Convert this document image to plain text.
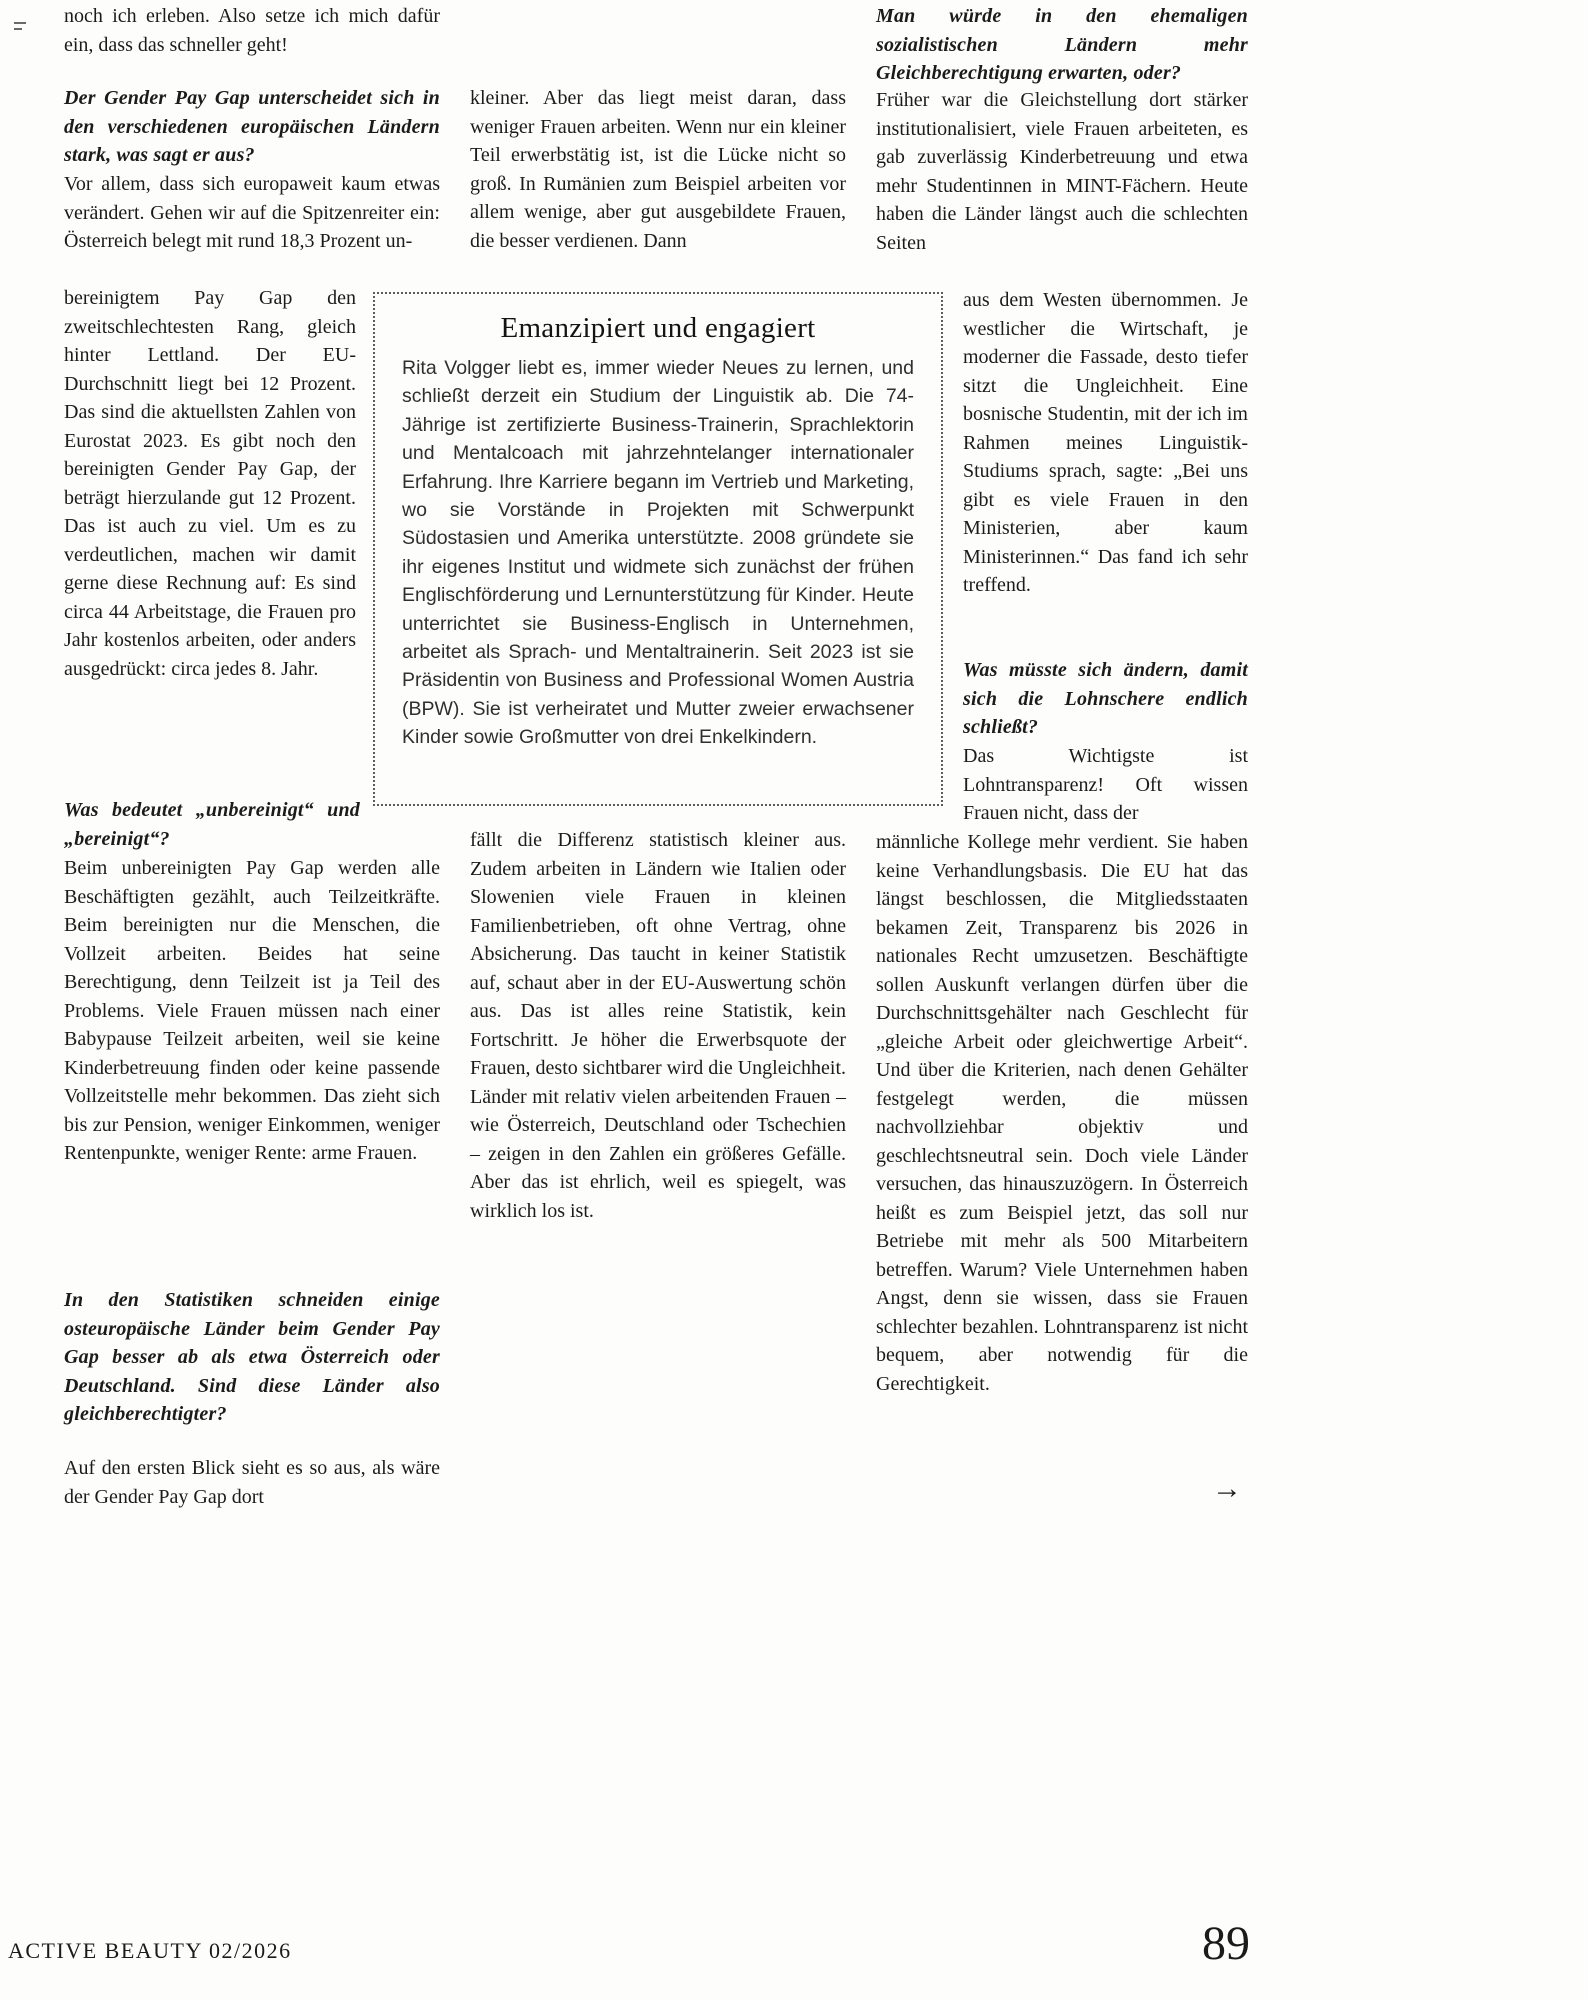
noch ich erleben. Also setze ich mich dafür ein, dass das schneller geht!

Der Gender Pay Gap unterscheidet sich in den verschiedenen europäischen Ländern stark, was sagt er aus?

Vor allem, dass sich europaweit kaum etwas verändert. Gehen wir auf die Spitzenreiter ein: Österreich belegt mit rund 18,3 Prozent un-

bereinigtem Pay Gap den zweitschlechtesten Rang, gleich hinter Lettland. Der EU-Durchschnitt liegt bei 12 Prozent. Das sind die aktuellsten Zahlen von Eurostat 2023. Es gibt noch den bereinigten Gender Pay Gap, der beträgt hierzulande gut 12 Prozent. Das ist auch zu viel. Um es zu verdeutlichen, machen wir damit gerne diese Rechnung auf: Es sind circa 44 Arbeitstage, die Frauen pro Jahr kostenlos arbeiten, oder anders ausgedrückt: circa jedes 8. Jahr.

Was bedeutet „unbereinigt“ und „bereinigt“?

Beim unbereinigten Pay Gap werden alle Beschäftigten gezählt, auch Teilzeitkräfte. Beim bereinigten nur die Menschen, die Vollzeit arbeiten. Beides hat seine Berechtigung, denn Teilzeit ist ja Teil des Problems. Viele Frauen müssen nach einer Babypause Teilzeit arbeiten, weil sie keine Kinderbetreuung finden oder keine passende Vollzeitstelle mehr bekommen. Das zieht sich bis zur Pension, weniger Einkommen, weniger Rentenpunkte, weniger Rente: arme Frauen.

In den Statistiken schneiden einige osteuropäische Länder beim Gender Pay Gap besser ab als etwa Österreich oder Deutschland. Sind diese Länder also gleichberechtigter?

Auf den ersten Blick sieht es so aus, als wäre der Gender Pay Gap dort

kleiner. Aber das liegt meist daran, dass weniger Frauen arbeiten. Wenn nur ein kleiner Teil erwerbstätig ist, ist die Lücke nicht so groß. In Rumänien zum Beispiel arbeiten vor allem wenige, aber gut ausgebildete Frauen, die besser verdienen. Dann

Emanzipiert und engagiert

Rita Volgger liebt es, immer wieder Neues zu lernen, und schließt derzeit ein Studium der Linguistik ab. Die 74-Jährige ist zertifizierte Business-Trainerin, Sprachlektorin und Mentalcoach mit jahrzehntelanger internationaler Erfahrung. Ihre Karriere begann im Vertrieb und Marketing, wo sie Vorstände in Projekten mit Schwerpunkt Südostasien und Amerika unterstützte. 2008 gründete sie ihr eigenes Institut und widmete sich zunächst der frühen Englischförderung und Lernunterstützung für Kinder. Heute unterrichtet sie Business-Englisch in Unternehmen, arbeitet als Sprach- und Mentaltrainerin. Seit 2023 ist sie Präsidentin von Business and Professional Women Austria (BPW). Sie ist verheiratet und Mutter zweier erwachsener Kinder sowie Großmutter von drei Enkelkindern.

fällt die Differenz statistisch kleiner aus. Zudem arbeiten in Ländern wie Italien oder Slowenien viele Frauen in kleinen Familienbetrieben, oft ohne Vertrag, ohne Absicherung. Das taucht in keiner Statistik auf, schaut aber in der EU-Auswertung schön aus. Das ist alles reine Statistik, kein Fortschritt. Je höher die Erwerbsquote der Frauen, desto sichtbarer wird die Ungleichheit. Länder mit relativ vielen arbeitenden Frauen – wie Österreich, Deutschland oder Tschechien – zeigen in den Zahlen ein größeres Gefälle. Aber das ist ehrlich, weil es spiegelt, was wirklich los ist.

Man würde in den ehemaligen sozialistischen Ländern mehr Gleichberechtigung erwarten, oder?

Früher war die Gleichstellung dort stärker institutionalisiert, viele Frauen arbeiteten, es gab zuverlässig Kinderbetreuung und etwa mehr Studentinnen in MINT-Fächern. Heute haben die Länder längst auch die schlechten Seiten

aus dem Westen übernommen. Je westlicher die Wirtschaft, je moderner die Fassade, desto tiefer sitzt die Ungleichheit. Eine bosnische Studentin, mit der ich im Rahmen meines Linguistik-Studiums sprach, sagte: „Bei uns gibt es viele Frauen in den Ministerien, aber kaum Ministerinnen.“ Das fand ich sehr treffend.

Was müsste sich ändern, damit sich die Lohnschere endlich schließt?

Das Wichtigste ist Lohntransparenz! Oft wissen Frauen nicht, dass der

männliche Kollege mehr verdient. Sie haben keine Verhandlungsbasis. Die EU hat das längst beschlossen, die Mitgliedsstaaten bekamen Zeit, Transparenz bis 2026 in nationales Recht umzusetzen. Beschäftigte sollen Auskunft verlangen dürfen über die Durchschnittsgehälter nach Geschlecht für „gleiche Arbeit oder gleichwertige Arbeit“. Und über die Kriterien, nach denen Gehälter festgelegt werden, die müssen nachvollziehbar objektiv und geschlechtsneutral sein. Doch viele Länder versuchen, das hinauszuzögern. In Österreich heißt es zum Beispiel jetzt, das soll nur Betriebe mit mehr als 500 Mitarbeitern betreffen. Warum? Viele Unternehmen haben Angst, denn sie wissen, dass sie Frauen schlechter bezahlen. Lohntransparenz ist nicht bequem, aber notwendig für die Gerechtigkeit.

→
ACTIVE BEAUTY 02/2026	89
